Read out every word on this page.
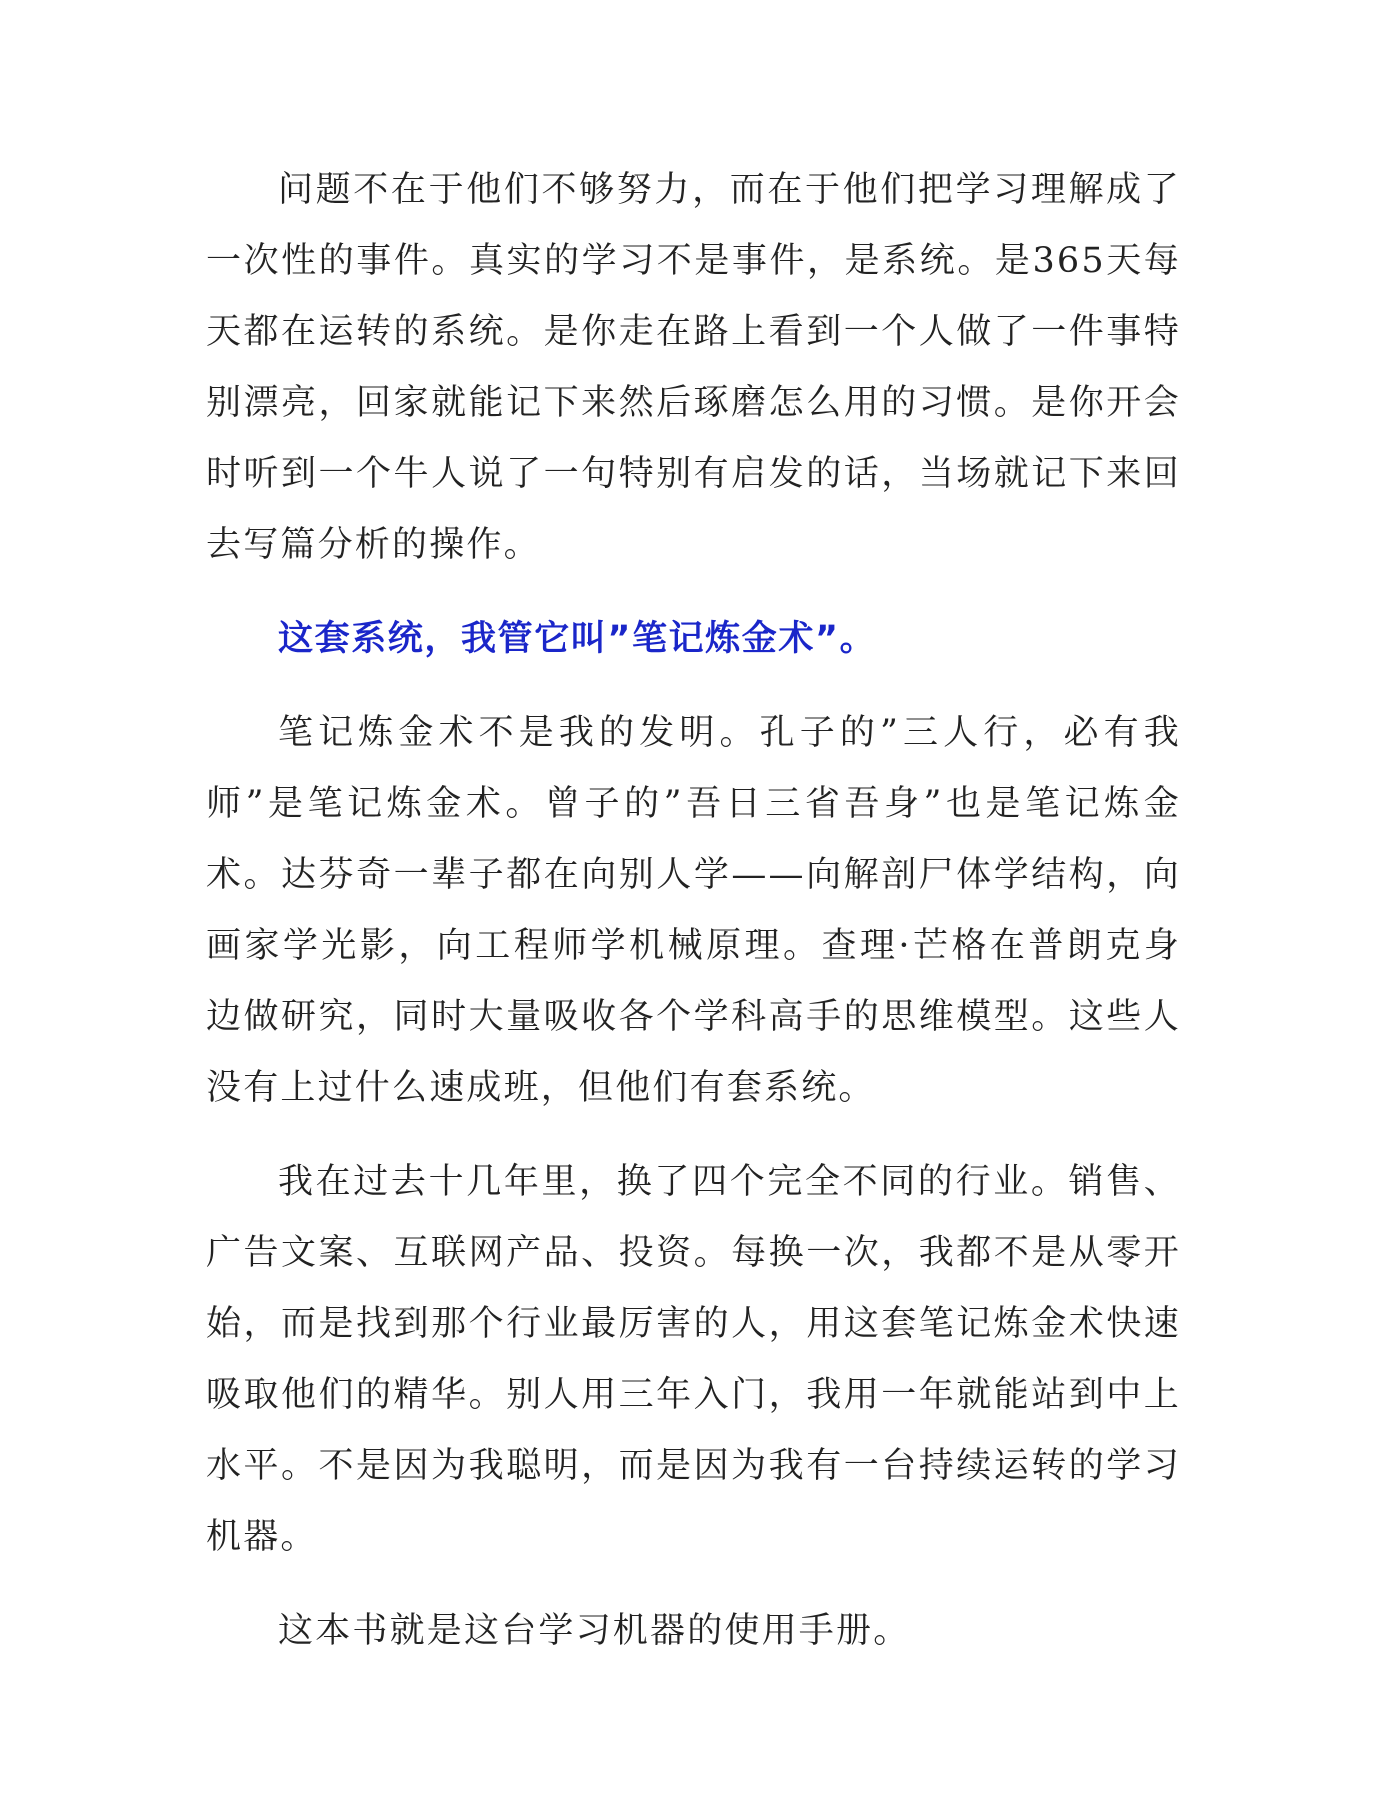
问题不在于他们不够努力，而在于他们把学习理解成了一次性的事件。真实的学习不是事件，是系统。是365天每天都在运转的系统。是你走在路上看到一个人做了一件事特别漂亮，回家就能记下来然后琢磨怎么用的习惯。是你开会时听到一个牛人说了一句特别有启发的话，当场就记下来回去写篇分析的操作。

这套系统，我管它叫”笔记炼金术”。

笔记炼金术不是我的发明。孔子的”三人行，必有我师”是笔记炼金术。曾子的”吾日三省吾身”也是笔记炼金术。达芬奇一辈子都在向别人学——向解剖尸体学结构，向画家学光影，向工程师学机械原理。查理·芒格在普朗克身边做研究，同时大量吸收各个学科高手的思维模型。这些人没有上过什么速成班，但他们有套系统。

我在过去十几年里，换了四个完全不同的行业。销售、广告文案、互联网产品、投资。每换一次，我都不是从零开始，而是找到那个行业最厉害的人，用这套笔记炼金术快速吸取他们的精华。别人用三年入门，我用一年就能站到中上水平。不是因为我聪明，而是因为我有一台持续运转的学习机器。

这本书就是这台学习机器的使用手册。
